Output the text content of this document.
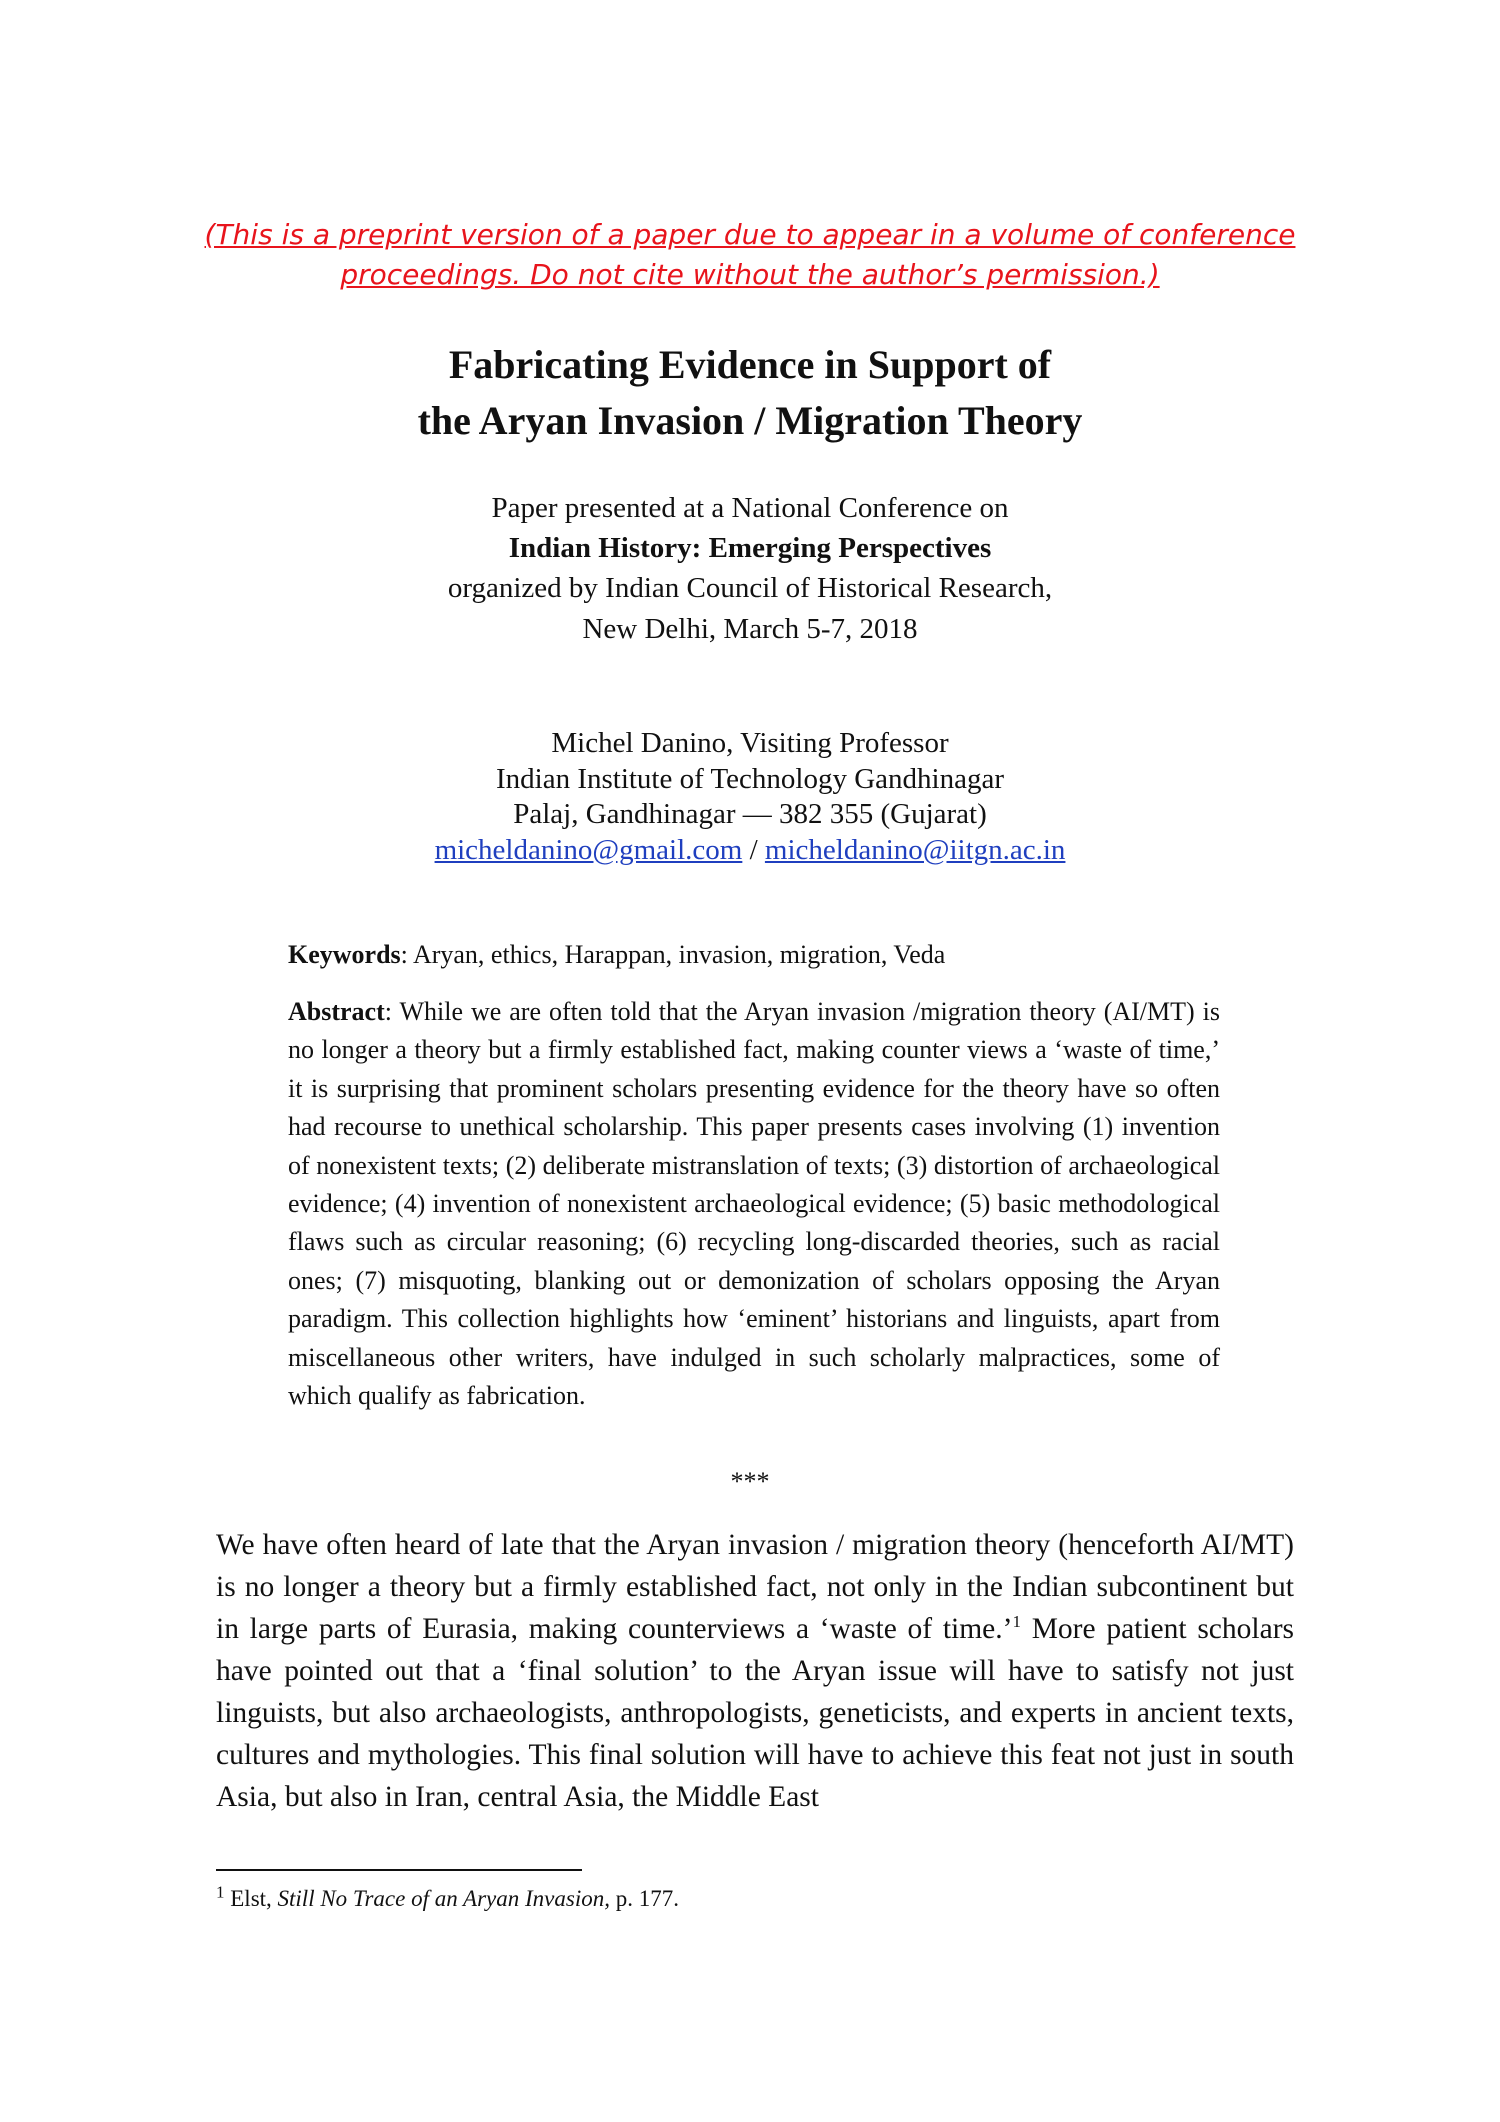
(This is a preprint version of a paper due to appear in a volume of conference
proceedings. Do not cite without the author’s permission.)
Fabricating Evidence in Support of
the Aryan Invasion / Migration Theory
Paper presented at a National Conference on
Indian History: Emerging Perspectives
organized by Indian Council of Historical Research,
New Delhi, March 5-7, 2018
Michel Danino, Visiting Professor
Indian Institute of Technology Gandhinagar
Palaj, Gandhinagar — 382 355 (Gujarat)
micheldanino@gmail.com / micheldanino@iitgn.ac.in
Keywords: Aryan, ethics, Harappan, invasion, migration, Veda
Abstract: While we are often told that the Aryan invasion /migration theory (AI/MT) is no longer a theory but a firmly established fact, making counter views a ‘waste of time,’ it is surprising that prominent scholars presenting evidence for the theory have so often had recourse to unethical scholarship. This paper presents cases involving (1) invention of nonexistent texts; (2) deliberate mistranslation of texts; (3) distortion of archaeological evidence; (4) invention of nonexistent archaeological evidence; (5) basic methodological flaws such as circular reasoning; (6) recycling long-discarded theories, such as racial ones; (7) misquoting, blanking out or demonization of scholars opposing the Aryan paradigm. This collection highlights how ‘eminent’ historians and linguists, apart from miscellaneous other writers, have indulged in such scholarly malpractices, some of which qualify as fabrication.
***
We have often heard of late that the Aryan invasion / migration theory (henceforth AI/MT) is no longer a theory but a firmly established fact, not only in the Indian subcontinent but in large parts of Eurasia, making counterviews a ‘waste of time.’$^1$ More patient scholars have pointed out that a ‘final solution’ to the Aryan issue will have to satisfy not just linguists, but also archaeologists, anthropologists, geneticists, and experts in ancient texts, cultures and mythologies. This final solution will have to achieve this feat not just in south Asia, but also in Iran, central Asia, the Middle East
$^1$ Elst, Still No Trace of an Aryan Invasion, p. 177.
